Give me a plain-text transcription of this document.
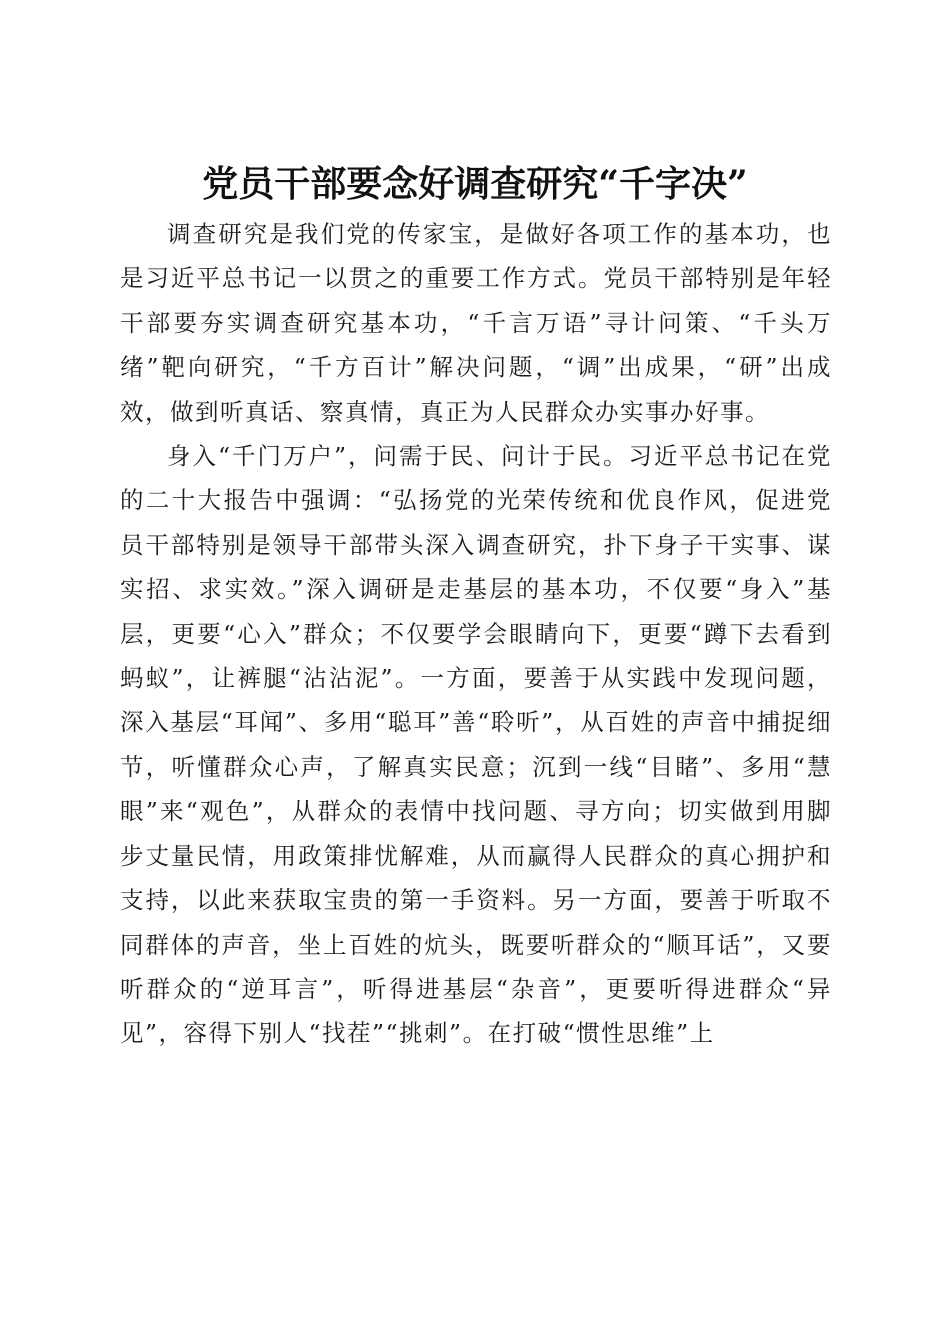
党员干部要念好调查研究“千字决”

调查研究是我们党的传家宝，是做好各项工作的基本功，也是习近平总书记一以贯之的重要工作方式。党员干部特别是年轻干部要夯实调查研究基本功，“千言万语”寻计问策、“千头万绪”靶向研究，“千方百计”解决问题，“调”出成果，“研”出成效，做到听真话、察真情，真正为人民群众办实事办好事。

身入“千门万户”，问需于民、问计于民。习近平总书记在党的二十大报告中强调：“弘扬党的光荣传统和优良作风，促进党员干部特别是领导干部带头深入调查研究，扑下身子干实事、谋实招、求实效。”深入调研是走基层的基本功，不仅要“身入”基层，更要“心入”群众；不仅要学会眼睛向下，更要“蹲下去看到蚂蚁”，让裤腿“沾沾泥”。一方面，要善于从实践中发现问题，深入基层“耳闻”、多用“聪耳”善“聆听”，从百姓的声音中捕捉细节，听懂群众心声，了解真实民意；沉到一线“目睹”、多用“慧眼”来“观色”，从群众的表情中找问题、寻方向；切实做到用脚步丈量民情，用政策排忧解难，从而赢得人民群众的真心拥护和支持，以此来获取宝贵的第一手资料。另一方面，要善于听取不同群体的声音，坐上百姓的炕头，既要听群众的“顺耳话”，又要听群众的“逆耳言”，听得进基层“杂音”，更要听得进群众“异见”，容得下别人“找茬”“挑刺”。在打破“惯性思维”上
